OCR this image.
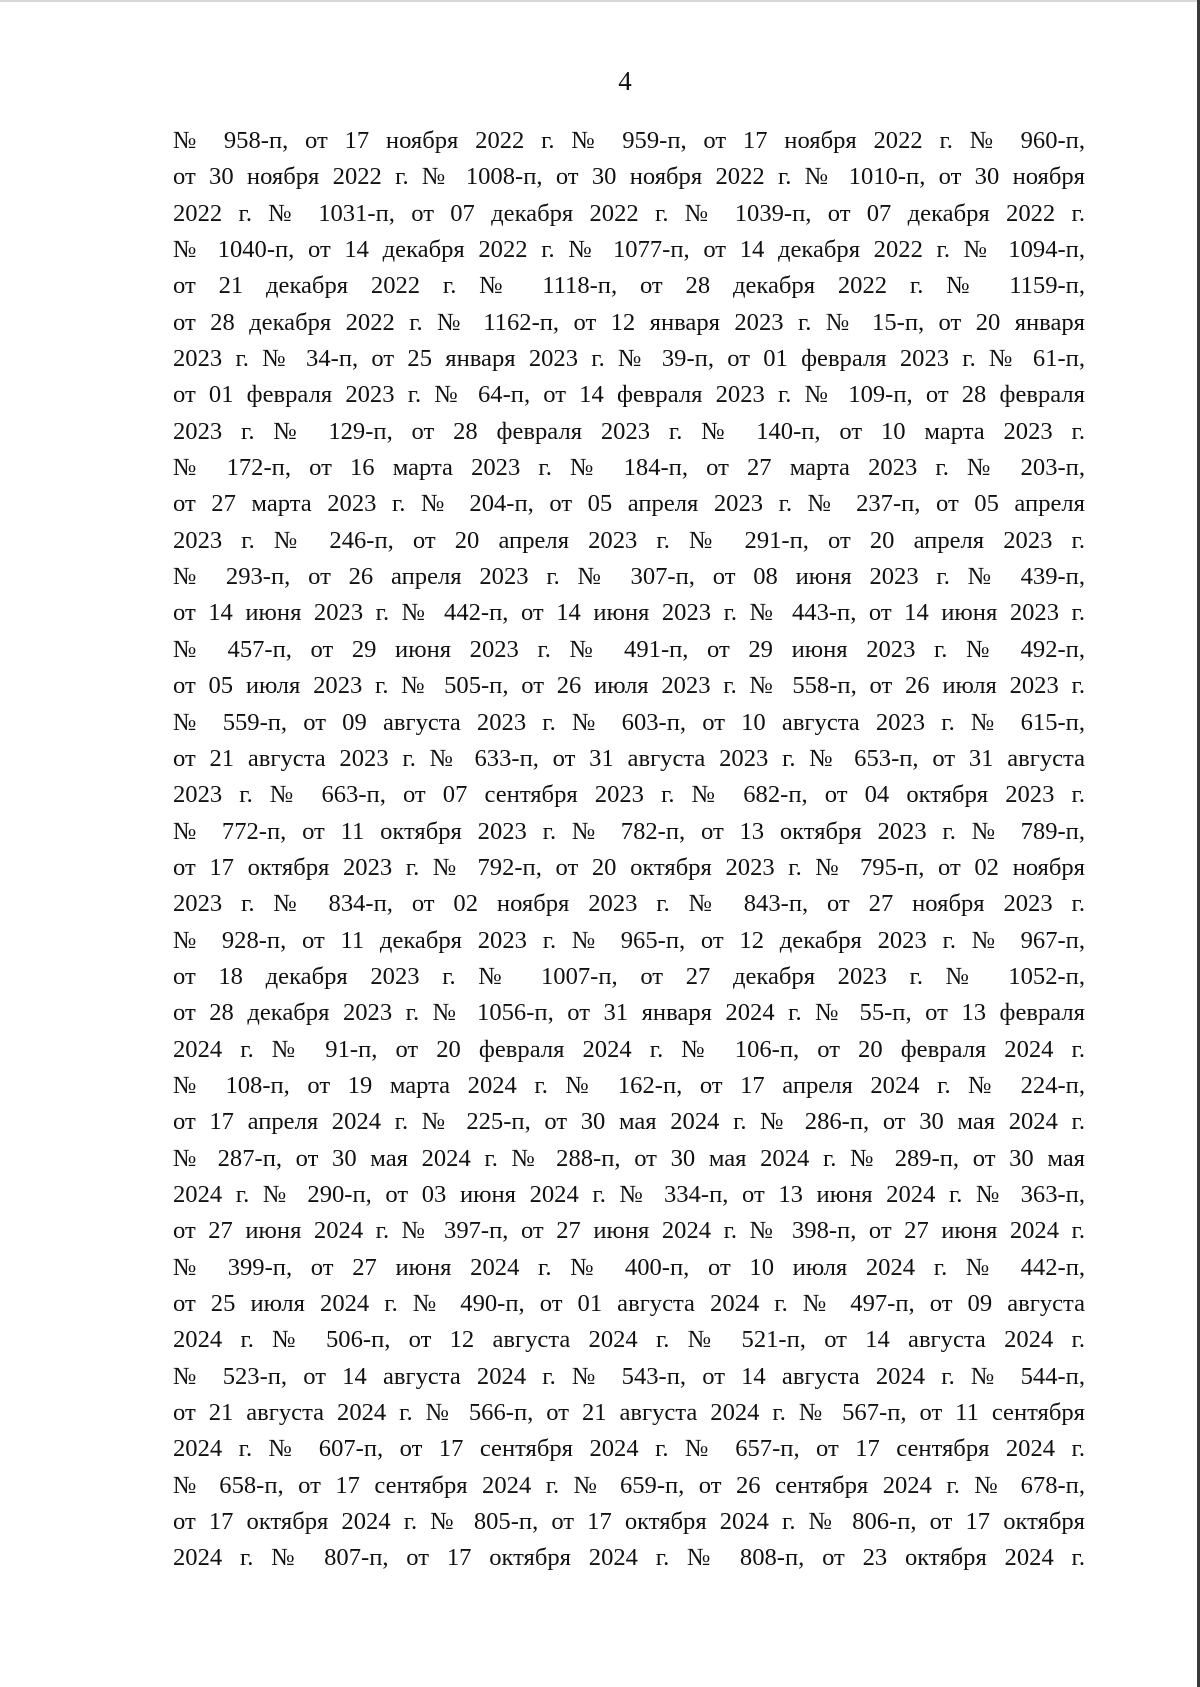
4
№ 958-п, от 17 ноября 2022 г. № 959-п, от 17 ноября 2022 г. № 960-п,
от 30 ноября 2022 г. № 1008-п, от 30 ноября 2022 г. № 1010-п, от 30 ноября
2022 г. № 1031-п, от 07 декабря 2022 г. № 1039-п, от 07 декабря 2022 г.
№ 1040-п, от 14 декабря 2022 г. № 1077-п, от 14 декабря 2022 г. № 1094-п,
от 21 декабря 2022 г. № 1118-п, от 28 декабря 2022 г. № 1159-п,
от 28 декабря 2022 г. № 1162-п, от 12 января 2023 г. № 15-п, от 20 января
2023 г. № 34-п, от 25 января 2023 г. № 39-п, от 01 февраля 2023 г. № 61-п,
от 01 февраля 2023 г. № 64-п, от 14 февраля 2023 г. № 109-п, от 28 февраля
2023 г. № 129-п, от 28 февраля 2023 г. № 140-п, от 10 марта 2023 г.
№ 172-п, от 16 марта 2023 г. № 184-п, от 27 марта 2023 г. № 203-п,
от 27 марта 2023 г. № 204-п, от 05 апреля 2023 г. № 237-п, от 05 апреля
2023 г. № 246-п, от 20 апреля 2023 г. № 291-п, от 20 апреля 2023 г.
№ 293-п, от 26 апреля 2023 г. № 307-п, от 08 июня 2023 г. № 439-п,
от 14 июня 2023 г. № 442-п, от 14 июня 2023 г. № 443-п, от 14 июня 2023 г.
№ 457-п, от 29 июня 2023 г. № 491-п, от 29 июня 2023 г. № 492-п,
от 05 июля 2023 г. № 505-п, от 26 июля 2023 г. № 558-п, от 26 июля 2023 г.
№ 559-п, от 09 августа 2023 г. № 603-п, от 10 августа 2023 г. № 615-п,
от 21 августа 2023 г. № 633-п, от 31 августа 2023 г. № 653-п, от 31 августа
2023 г. № 663-п, от 07 сентября 2023 г. № 682-п, от 04 октября 2023 г.
№ 772-п, от 11 октября 2023 г. № 782-п, от 13 октября 2023 г. № 789-п,
от 17 октября 2023 г. № 792-п, от 20 октября 2023 г. № 795-п, от 02 ноября
2023 г. № 834-п, от 02 ноября 2023 г. № 843-п, от 27 ноября 2023 г.
№ 928-п, от 11 декабря 2023 г. № 965-п, от 12 декабря 2023 г. № 967-п,
от 18 декабря 2023 г. № 1007-п, от 27 декабря 2023 г. № 1052-п,
от 28 декабря 2023 г. № 1056-п, от 31 января 2024 г. № 55-п, от 13 февраля
2024 г. № 91-п, от 20 февраля 2024 г. № 106-п, от 20 февраля 2024 г.
№ 108-п, от 19 марта 2024 г. № 162-п, от 17 апреля 2024 г. № 224-п,
от 17 апреля 2024 г. № 225-п, от 30 мая 2024 г. № 286-п, от 30 мая 2024 г.
№ 287-п, от 30 мая 2024 г. № 288-п, от 30 мая 2024 г. № 289-п, от 30 мая
2024 г. № 290-п, от 03 июня 2024 г. № 334-п, от 13 июня 2024 г. № 363-п,
от 27 июня 2024 г. № 397-п, от 27 июня 2024 г. № 398-п, от 27 июня 2024 г.
№ 399-п, от 27 июня 2024 г. № 400-п, от 10 июля 2024 г. № 442-п,
от 25 июля 2024 г. № 490-п, от 01 августа 2024 г. № 497-п, от 09 августа
2024 г. № 506-п, от 12 августа 2024 г. № 521-п, от 14 августа 2024 г.
№ 523-п, от 14 августа 2024 г. № 543-п, от 14 августа 2024 г. № 544-п,
от 21 августа 2024 г. № 566-п, от 21 августа 2024 г. № 567-п, от 11 сентября
2024 г. № 607-п, от 17 сентября 2024 г. № 657-п, от 17 сентября 2024 г.
№ 658-п, от 17 сентября 2024 г. № 659-п, от 26 сентября 2024 г. № 678-п,
от 17 октября 2024 г. № 805-п, от 17 октября 2024 г. № 806-п, от 17 октября
2024 г. № 807-п, от 17 октября 2024 г. № 808-п, от 23 октября 2024 г.
